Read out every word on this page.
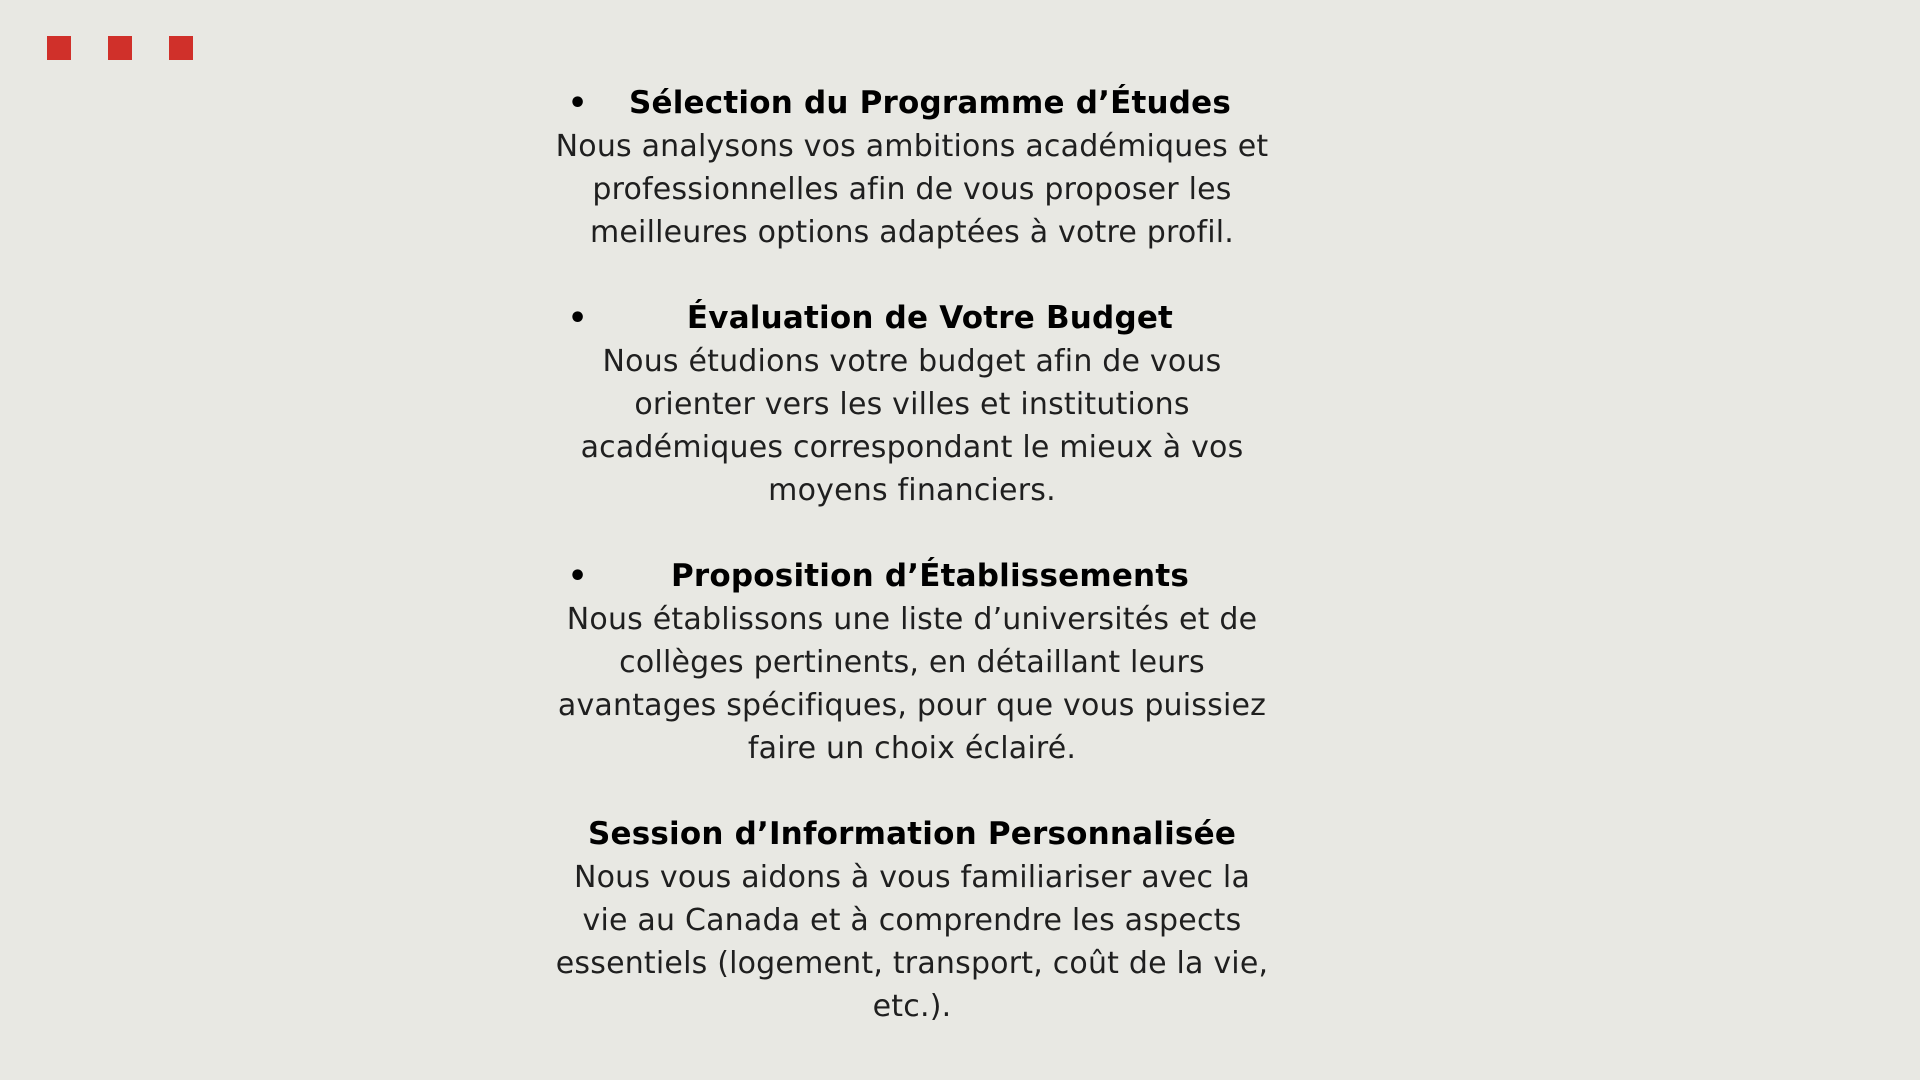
• Sélection du Programme d’Études
Nous analysons vos ambitions académiques et professionnelles afin de vous proposer les meilleures options adaptées à votre profil.
•	Évaluation de Votre Budget
Nous étudions votre budget afin de vous orienter vers les villes et institutions académiques correspondant le mieux à vos moyens financiers.
•	Proposition d’Établissements
Nous établissons une liste d’universités et de collèges pertinents, en détaillant leurs avantages spécifiques, pour que vous puissiez faire un choix éclairé.
Session d’Information Personnalisée
Nous vous aidons à vous familiariser avec la vie au Canada et à comprendre les aspects essentiels (logement, transport, coût de la vie, etc.).
